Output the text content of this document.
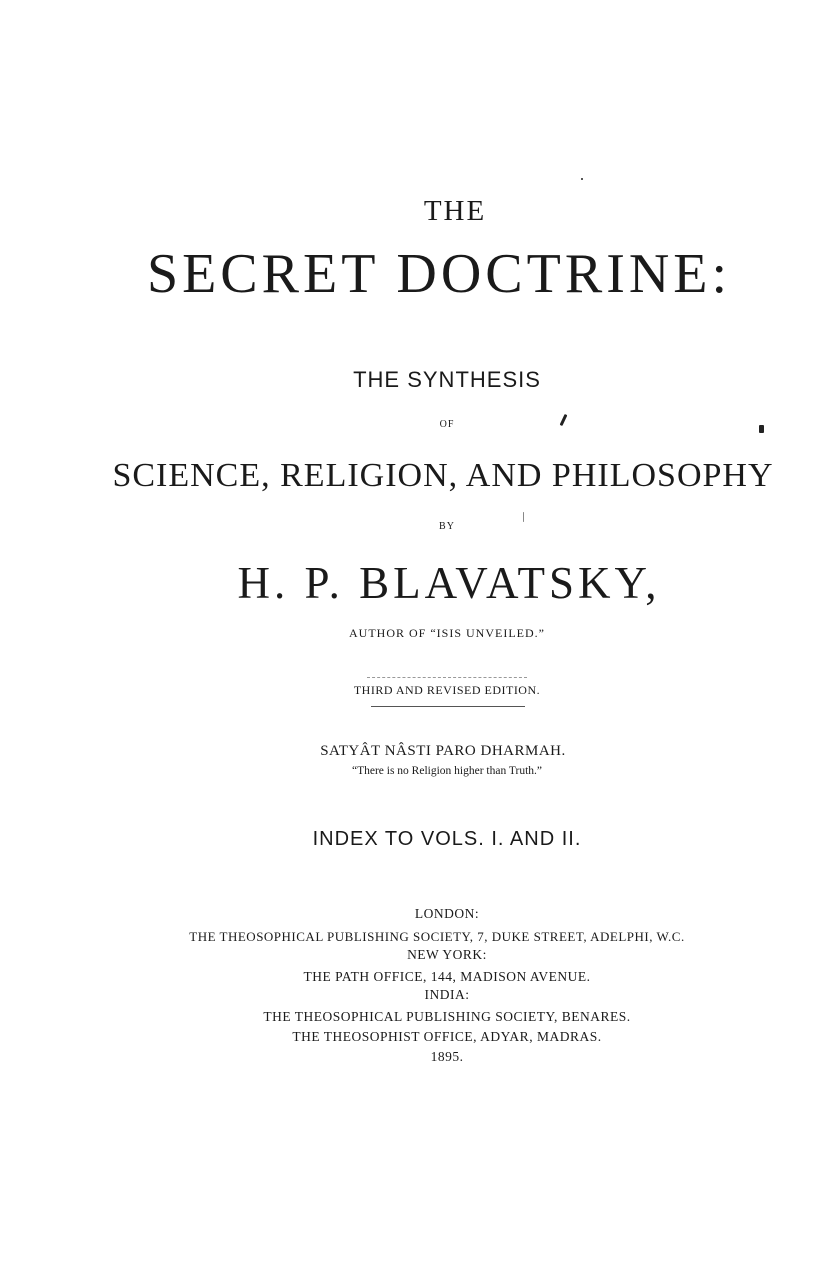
THE
SECRET DOCTRINE:
THE SYNTHESIS
OF
SCIENCE, RELIGION, AND PHILOSOPHY
BY
H. P. BLAVATSKY,
AUTHOR OF “ISIS UNVEILED.”
THIRD AND REVISED EDITION.
SATYÂT NÂSTI PARO DHARMAH.
“There is no Religion higher than Truth.”
INDEX TO VOLS. I. AND II.
LONDON:
THE THEOSOPHICAL PUBLISHING SOCIETY, 7, DUKE STREET, ADELPHI, W.C.
NEW YORK:
THE PATH OFFICE, 144, MADISON AVENUE.
INDIA:
THE THEOSOPHICAL PUBLISHING SOCIETY, BENARES.
THE THEOSOPHIST OFFICE, ADYAR, MADRAS.
1895.
